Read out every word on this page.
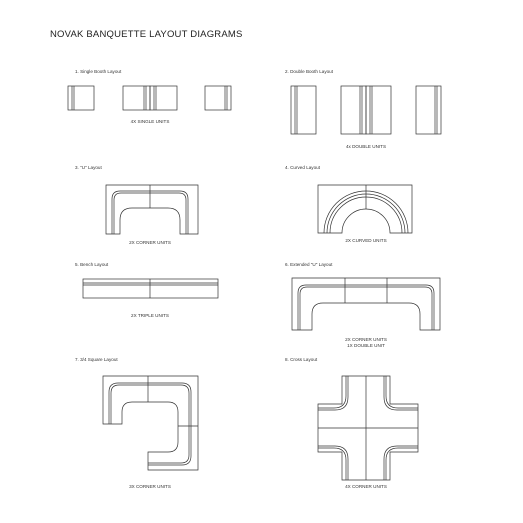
NOVAK BANQUETTE LAYOUT DIAGRAMS
1. Single Booth Layout	2. Double Booth Layout
3. "U" Layout	4. Curved Layout
5. Bench Layout	6. Extended "U" Layout
7. 3/4 Square Layout	8. Cross Layout
4X SINGLE UNITS
4x DOUBLE UNITS
2X CORNER UNITS	2X CURVED UNITS
2X TRIPLE UNITS
2X CORNER UNITS
1X DOUBLE UNIT
3X CORNER UNITS	4X CORNER UNITS
